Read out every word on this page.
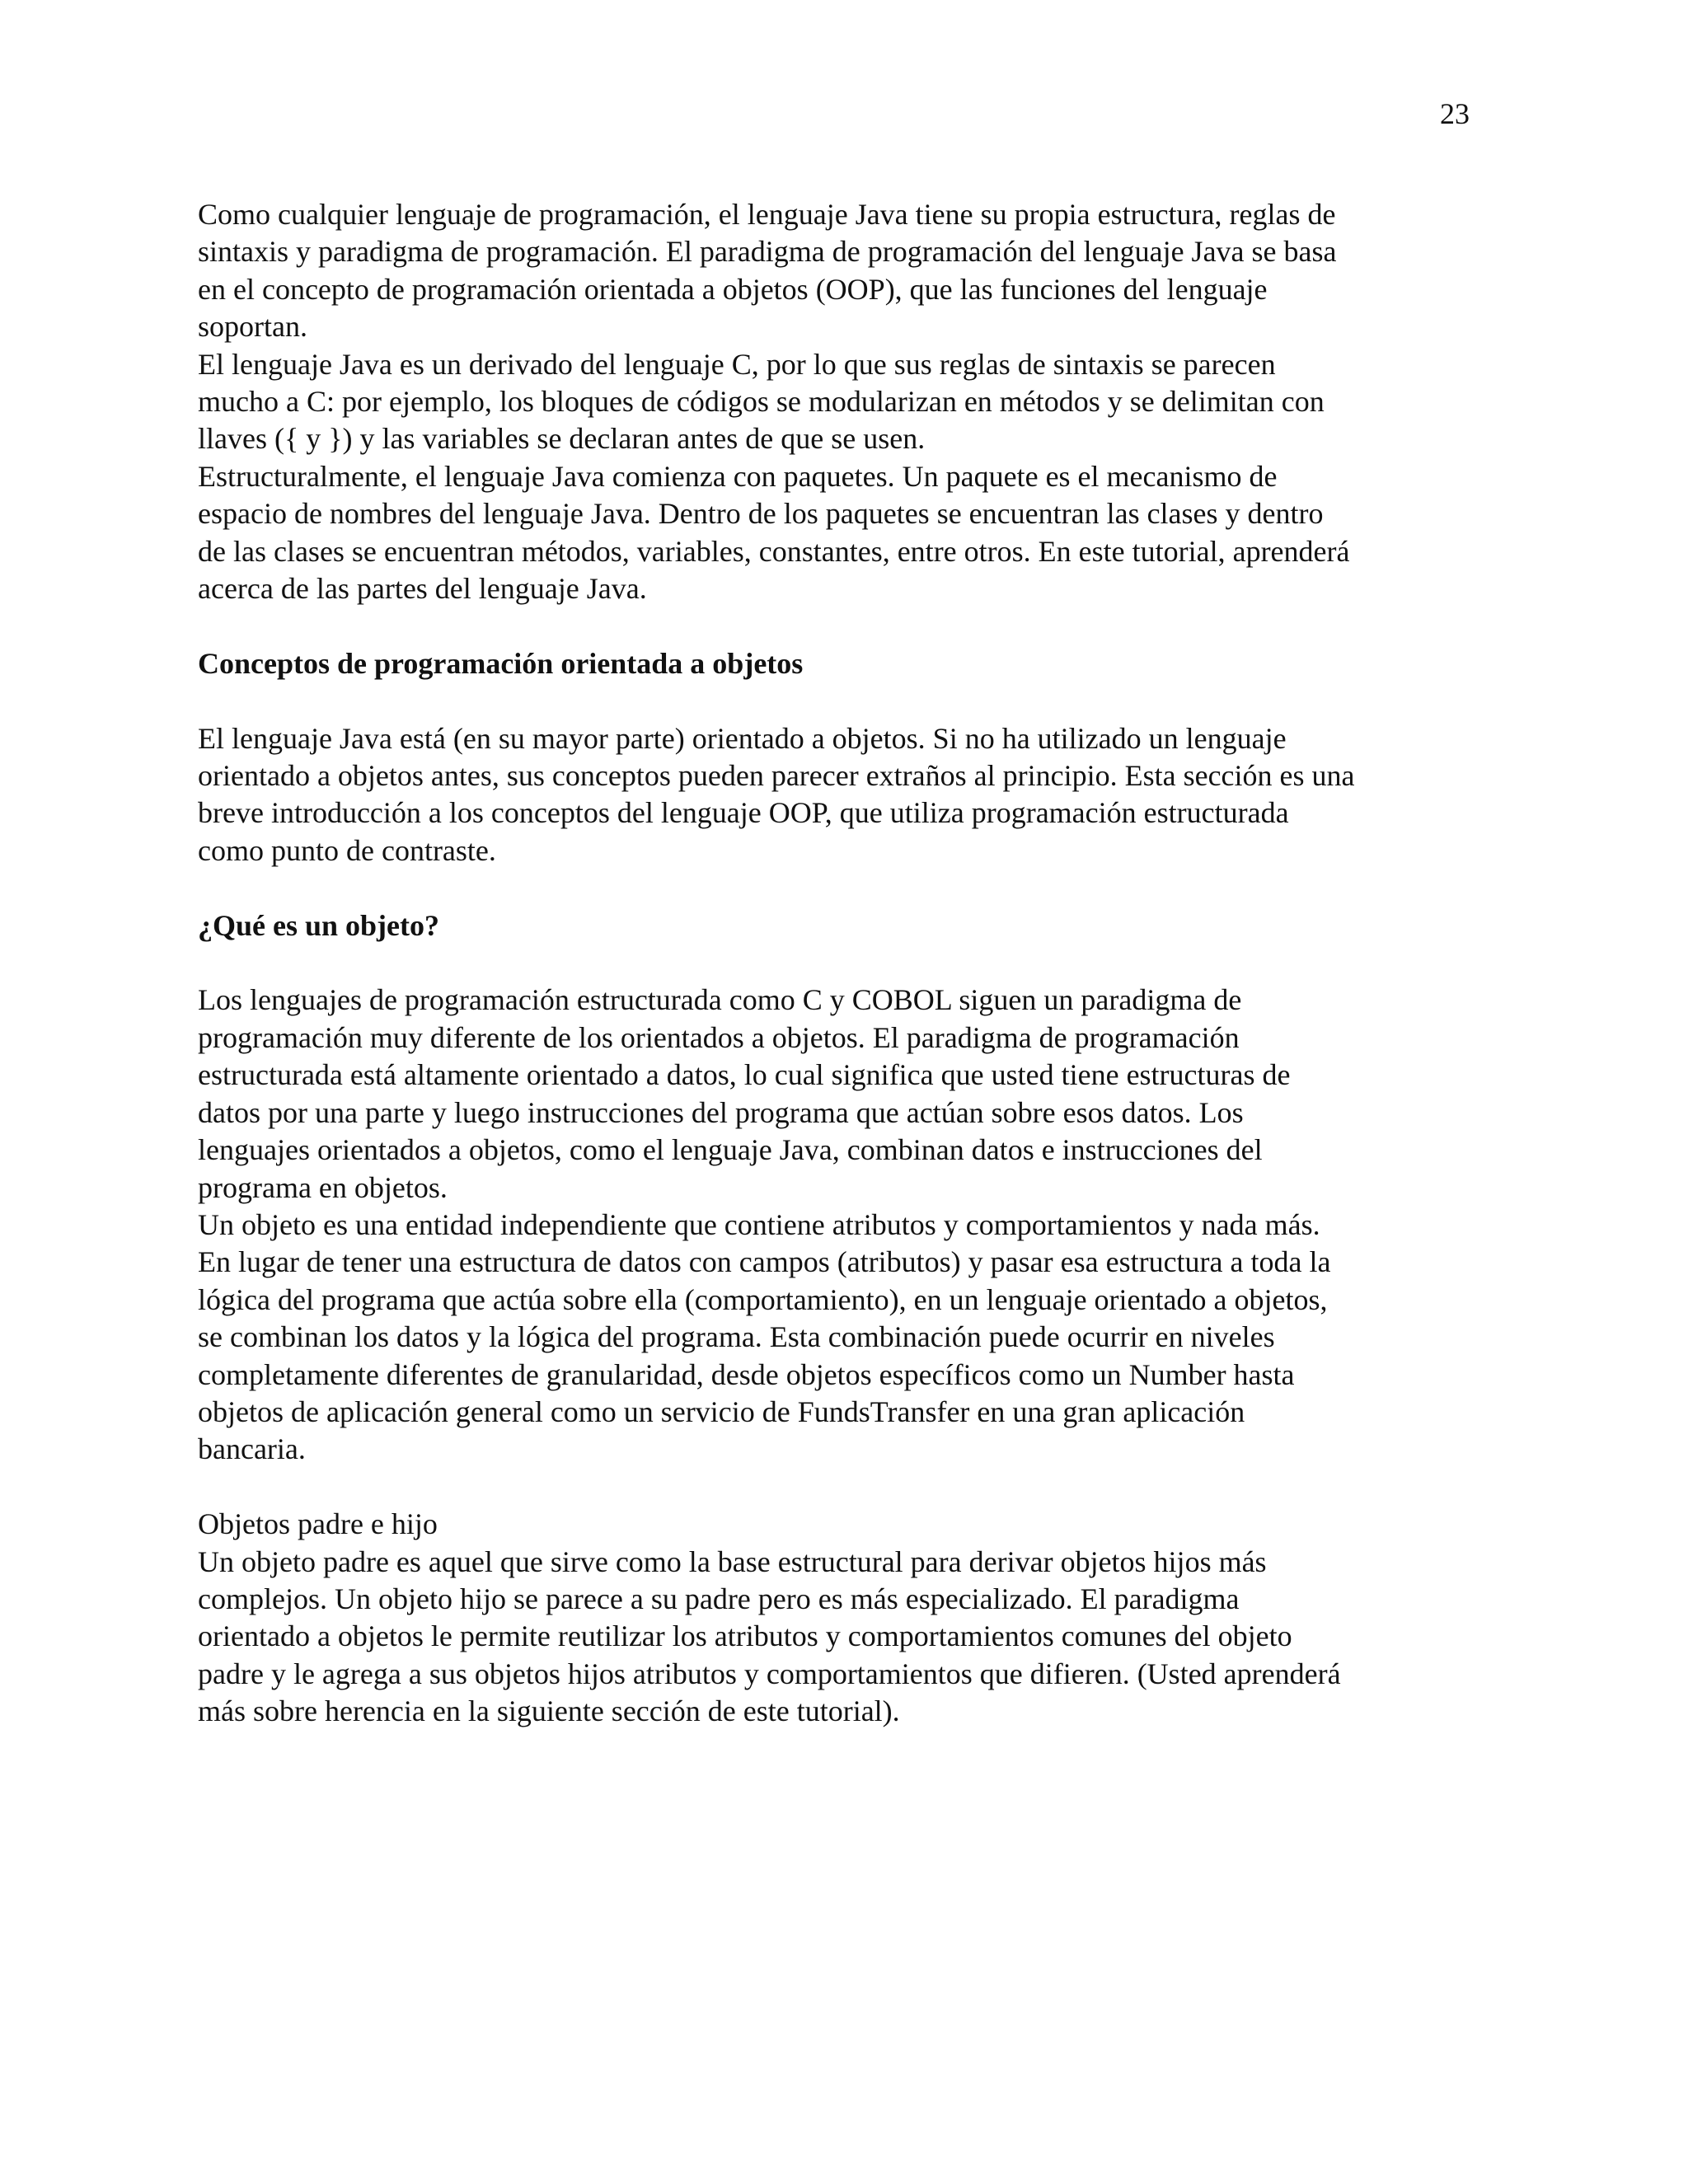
23
Como cualquier lenguaje de programación, el lenguaje Java tiene su propia estructura, reglas de
sintaxis y paradigma de programación. El paradigma de programación del lenguaje Java se basa
en el concepto de programación orientada a objetos (OOP), que las funciones del lenguaje
soportan.
El lenguaje Java es un derivado del lenguaje C, por lo que sus reglas de sintaxis se parecen
mucho a C: por ejemplo, los bloques de códigos se modularizan en métodos y se delimitan con
llaves ({ y }) y las variables se declaran antes de que se usen.
Estructuralmente, el lenguaje Java comienza con paquetes. Un paquete es el mecanismo de
espacio de nombres del lenguaje Java. Dentro de los paquetes se encuentran las clases y dentro
de las clases se encuentran métodos, variables, constantes, entre otros. En este tutorial, aprenderá
acerca de las partes del lenguaje Java.
Conceptos de programación orientada a objetos
El lenguaje Java está (en su mayor parte) orientado a objetos. Si no ha utilizado un lenguaje
orientado a objetos antes, sus conceptos pueden parecer extraños al principio. Esta sección es una
breve introducción a los conceptos del lenguaje OOP, que utiliza programación estructurada
como punto de contraste.
¿Qué es un objeto?
Los lenguajes de programación estructurada como C y COBOL siguen un paradigma de
programación muy diferente de los orientados a objetos. El paradigma de programación
estructurada está altamente orientado a datos, lo cual significa que usted tiene estructuras de
datos por una parte y luego instrucciones del programa que actúan sobre esos datos. Los
lenguajes orientados a objetos, como el lenguaje Java, combinan datos e instrucciones del
programa en objetos.
Un objeto es una entidad independiente que contiene atributos y comportamientos y nada más.
En lugar de tener una estructura de datos con campos (atributos) y pasar esa estructura a toda la
lógica del programa que actúa sobre ella (comportamiento), en un lenguaje orientado a objetos,
se combinan los datos y la lógica del programa. Esta combinación puede ocurrir en niveles
completamente diferentes de granularidad, desde objetos específicos como un Number hasta
objetos de aplicación general como un servicio de FundsTransfer en una gran aplicación
bancaria.
Objetos padre e hijo
Un objeto padre es aquel que sirve como la base estructural para derivar objetos hijos más
complejos. Un objeto hijo se parece a su padre pero es más especializado. El paradigma
orientado a objetos le permite reutilizar los atributos y comportamientos comunes del objeto
padre y le agrega a sus objetos hijos atributos y comportamientos que difieren. (Usted aprenderá
más sobre herencia en la siguiente sección de este tutorial).
